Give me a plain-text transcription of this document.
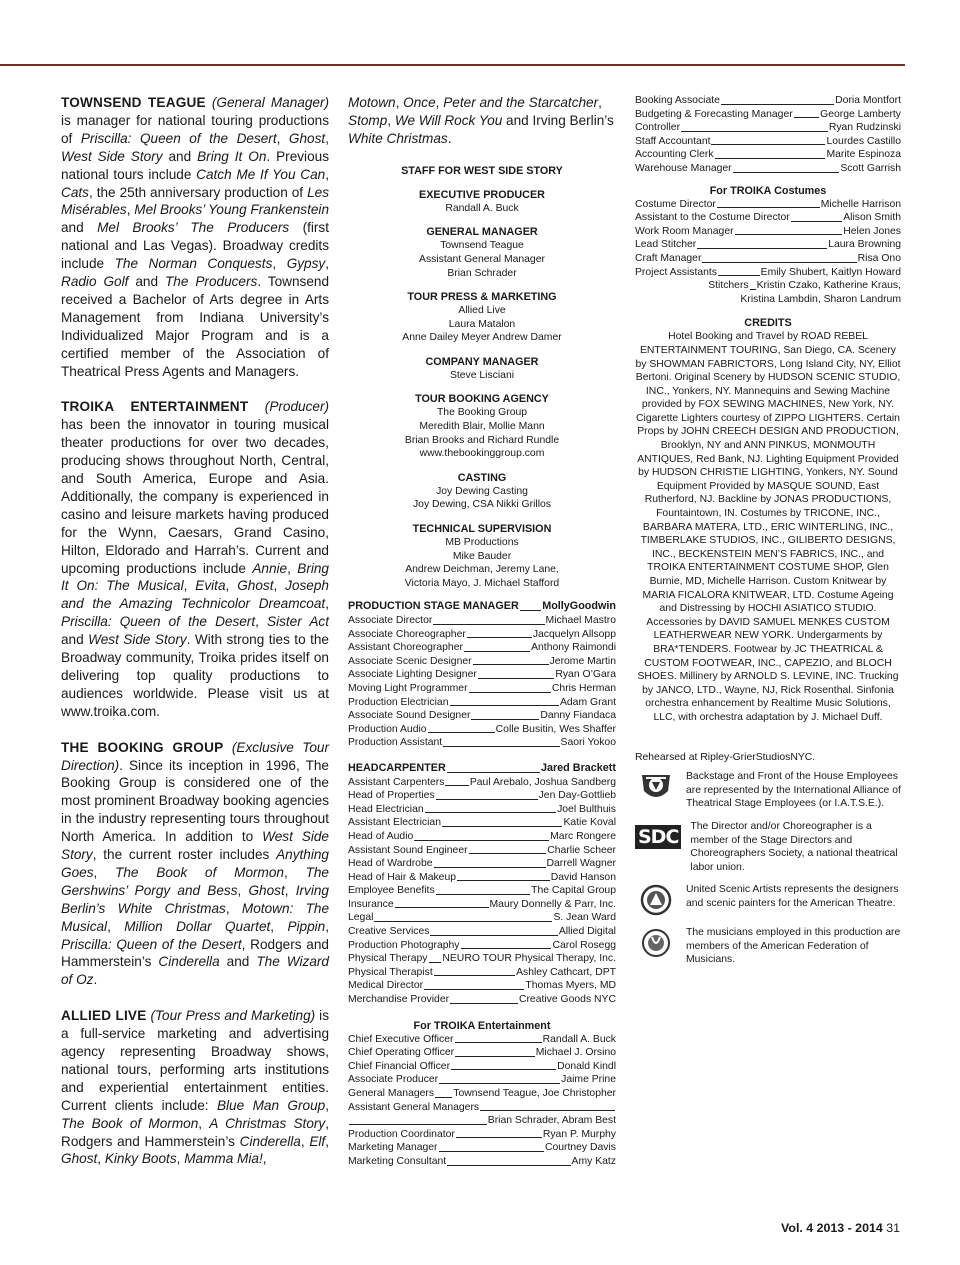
TOWNSEND TEAGUE (General Manager) is manager for national touring productions of Priscilla: Queen of the Desert, Ghost, West Side Story and Bring It On. Previous national tours include Catch Me If You Can, Cats, the 25th anniversary production of Les Misérables, Mel Brooks’ Young Frankenstein and Mel Brooks’ The Producers (first national and Las Vegas). Broadway credits include The Norman Conquests, Gypsy, Radio Golf and The Producers. Townsend received a Bachelor of Arts degree in Arts Management from Indiana University’s Individualized Major Program and is a certified member of the Association of Theatrical Press Agents and Managers.

TROIKA ENTERTAINMENT (Producer) has been the innovator in touring musical theater productions for over two decades, producing shows throughout North, Central, and South America, Europe and Asia. Additionally, the company is experienced in casino and leisure markets having produced for the Wynn, Caesars, Grand Casino, Hilton, Eldorado and Harrah’s. Current and upcoming productions include Annie, Bring It On: The Musical, Evita, Ghost, Joseph and the Amazing Technicolor Dreamcoat, Priscilla: Queen of the Desert, Sister Act and West Side Story. With strong ties to the Broadway community, Troika prides itself on delivering top quality productions to audiences worldwide. Please visit us at www.troika.com.

THE BOOKING GROUP (Exclusive Tour Direction). Since its inception in 1996, The Booking Group is considered one of the most prominent Broadway booking agencies in the industry representing tours throughout North America. In addition to West Side Story, the current roster includes Anything Goes, The Book of Mormon, The Gershwins’ Porgy and Bess, Ghost, Irving Berlin’s White Christmas, Motown: The Musical, Million Dollar Quartet, Pippin, Priscilla: Queen of the Desert, Rodgers and Hammerstein’s Cinderella and The Wizard of Oz.

ALLIED LIVE (Tour Press and Marketing) is a full-service marketing and advertising agency representing Broadway shows, national tours, performing arts institutions and experiential entertainment entities. Current clients include: Blue Man Group, The Book of Mormon, A Christmas Story, Rodgers and Hammerstein’s Cinderella, Elf, Ghost, Kinky Boots, Mamma Mia!,

Motown, Once, Peter and the Starcatcher, Stomp, We Will Rock You and Irving Berlin’s White Christmas.

STAFF FOR WEST SIDE STORY
EXECUTIVE PRODUCER
Randall A. Buck
GENERAL MANAGER
Townsend Teague
Assistant General Manager
Brian Schrader
TOUR PRESS & MARKETING
Allied Live
Laura Matalon
Anne Dailey Meyer Andrew Damer
COMPANY MANAGER
Steve Lisciani
TOUR BOOKING AGENCY
The Booking Group
Meredith Blair, Mollie Mann
Brian Brooks and Richard Rundle
www.thebookinggroup.com
CASTING
Joy Dewing Casting
Joy Dewing, CSA Nikki Grillos
TECHNICAL SUPERVISION
MB Productions
Mike Bauder
Andrew Deichman, Jeremy Lane,
Victoria Mayo, J. Michael Stafford
PRODUCTION STAGE MANAGER MollyGoodwin
Associate Director	Michael Mastro
Associate Choreographer	Jacquelyn Allsopp
Assistant Choreographer	Anthony Raimondi
Associate Scenic Designer	Jerome Martin
Associate Lighting Designer	Ryan O’Gara
Moving Light Programmer	Chris Herman
Production Electrician	Adam Grant
Associate Sound Designer	Danny Fiandaca
Production Audio	Colle Busitin, Wes Shaffer
Production Assistant	Saori Yokoo
HEADCARPENTER	Jared Brackett
Assistant Carpenters Paul Arebalo, Joshua Sandberg
Head of Properties	Jen Day-Gottlieb
Head Electrician	Joel Bulthuis
Assistant Electrician	Katie Koval
Head of Audio	Marc Rongere
Assistant Sound Engineer	Charlie Scheer
Head of Wardrobe	Darrell Wagner
Head of Hair & Makeup	David Hanson
Employee Benefits	The Capital Group
Insurance	Maury Donnelly & Parr, Inc.
Legal	S. Jean Ward
Creative Services	Allied Digital
Production Photography	Carol Rosegg
Physical Therapy NEURO TOUR Physical Therapy, Inc.
Physical Therapist	Ashley Cathcart, DPT
Medical Director	Thomas Myers, MD
Merchandise Provider	Creative Goods NYC
For TROIKA Entertainment
Chief Executive Officer	Randall A. Buck
Chief Operating Officer	Michael J. Orsino
Chief Financial Officer	Donald Kindl
Associate Producer	Jaime Prine
General Managers Townsend Teague, Joe Christopher
Assistant General Managers
Brian Schrader, Abram Best
Production Coordinator	Ryan P. Murphy
Marketing Manager	Courtney Davis
Marketing Consultant	Amy Katz
Booking Associate	Doria Montfort
Budgeting & Forecasting Manager	George Lamberty
Controller	Ryan Rudzinski
Staff Accountant	Lourdes Castillo
Accounting Clerk	Marite Espinoza
Warehouse Manager	Scott Garrish
For TROIKA Costumes
Costume Director	Michelle Harrison
Assistant to the Costume Director	Alison Smith
Work Room Manager	Helen Jones
Lead Stitcher	Laura Browning
Craft Manager	Risa Ono
Project Assistants	Emily Shubert, Kaitlyn Howard
Stitchers Kristin Czako, Katherine Kraus,
Kristina Lambdin, Sharon Landrum
CREDITS

Hotel Booking and Travel by ROAD REBEL ENTERTAINMENT TOURING, San Diego, CA. Scenery by SHOWMAN FABRICTORS, Long Island City, NY, Elliot Bertoni. Original Scenery by HUDSON SCENIC STUDIO, INC., Yonkers, NY. Mannequins and Sewing Machine provided by FOX SEWING MACHINES, New York, NY. Cigarette Lighters courtesy of ZIPPO LIGHTERS. Certain Props by JOHN CREECH DESIGN AND PRODUCTION, Brooklyn, NY and ANN PINKUS, MONMOUTH ANTIQUES, Red Bank, NJ. Lighting Equipment Provided by HUDSON CHRISTIE LIGHTING, Yonkers, NY. Sound Equipment Provided by MASQUE SOUND, East Rutherford, NJ. Backline by JONAS PRODUCTIONS, Fountaintown, IN. Costumes by TRICONE, INC., BARBARA MATERA, LTD., ERIC WINTERLING, INC., TIMBERLAKE STUDIOS, INC., GILIBERTO DESIGNS, INC., BECKENSTEIN MEN’S FABRICS, INC., and TROIKA ENTERTAINMENT COSTUME SHOP, Glen Burnie, MD, Michelle Harrison. Custom Knitwear by MARIA FICALORA KNITWEAR, LTD. Costume Ageing and Distressing by HOCHI ASIATICO STUDIO. Accessories by DAVID SAMUEL MENKES CUSTOM LEATHERWEAR NEW YORK. Undergarments by BRA*TENDERS. Footwear by JC THEATRICAL & CUSTOM FOOTWEAR, INC., CAPEZIO, and BLOCH SHOES. Millinery by ARNOLD S. LEVINE, INC. Trucking by JANCO, LTD., Wayne, NJ, Rick Rosenthal. Sinfonia orchestra enhancement by Realtime Music Solutions, LLC, with orchestra adaptation by J. Michael Duff.

Rehearsed at Ripley-GrierStudiosNYC.

Backstage and Front of the House Employees are represented by the International Alliance of Theatrical Stage Employees (or I.A.T.S.E.).

SDC	The Director and/or Choreographer is a member of the Stage Directors and Choreographers Society, a national theatrical labor union.

United Scenic Artists represents the designers and scenic painters for the American Theatre.

The musicians employed in this production are members of the American Federation of Musicians.

Vol. 4 2013 - 2014 31
